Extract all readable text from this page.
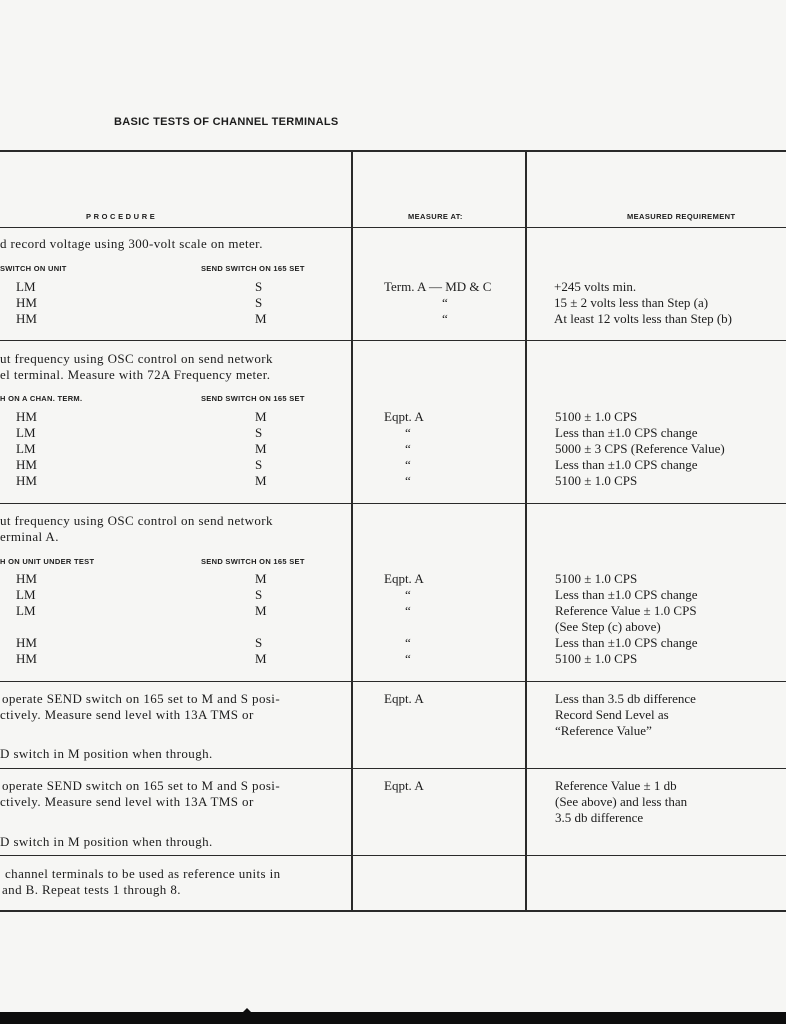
BASIC TESTS OF CHANNEL TERMINALS
PROCEDURE	MEASURE AT:	MEASURED REQUIREMENT
d record voltage using 300-volt scale on meter.
SWITCH ON UNIT	SEND SWITCH ON 165 SET
LM	S	Term. A — MD & C	+245 volts min.
HM	S	“	15 ± 2 volts less than Step (a)
HM	M	“	At least 12 volts less than Step (b)
ut frequency using OSC control on send network
el terminal. Measure with 72A Frequency meter.
H ON A CHAN. TERM.	SEND SWITCH ON 165 SET
HM	M	Eqpt. A	5100 ± 1.0 CPS
LM	S	“	Less than ±1.0 CPS change
LM	M	“	5000 ± 3 CPS (Reference Value)
HM	S	“	Less than ±1.0 CPS change
HM	M	“	5100 ± 1.0 CPS
ut frequency using OSC control on send network
erminal A.
H ON UNIT UNDER TEST	SEND SWITCH ON 165 SET
HM	M	Eqpt. A	5100 ± 1.0 CPS
LM	S	“	Less than ±1.0 CPS change
LM	M	“	Reference Value ± 1.0 CPS
(See Step (c) above)
HM	S	“	Less than ±1.0 CPS change
HM	M	“	5100 ± 1.0 CPS
operate SEND switch on 165 set to M and S posi-
ctively. Measure send level with 13A TMS or
D switch in M position when through.
Eqpt. A	Less than 3.5 db difference
Record Send Level as
“Reference Value”
operate SEND switch on 165 set to M and S posi-
ctively. Measure send level with 13A TMS or
D switch in M position when through.
Eqpt. A	Reference Value ± 1 db
(See above) and less than
3.5 db difference
channel terminals to be used as reference units in
and B. Repeat tests 1 through 8.
